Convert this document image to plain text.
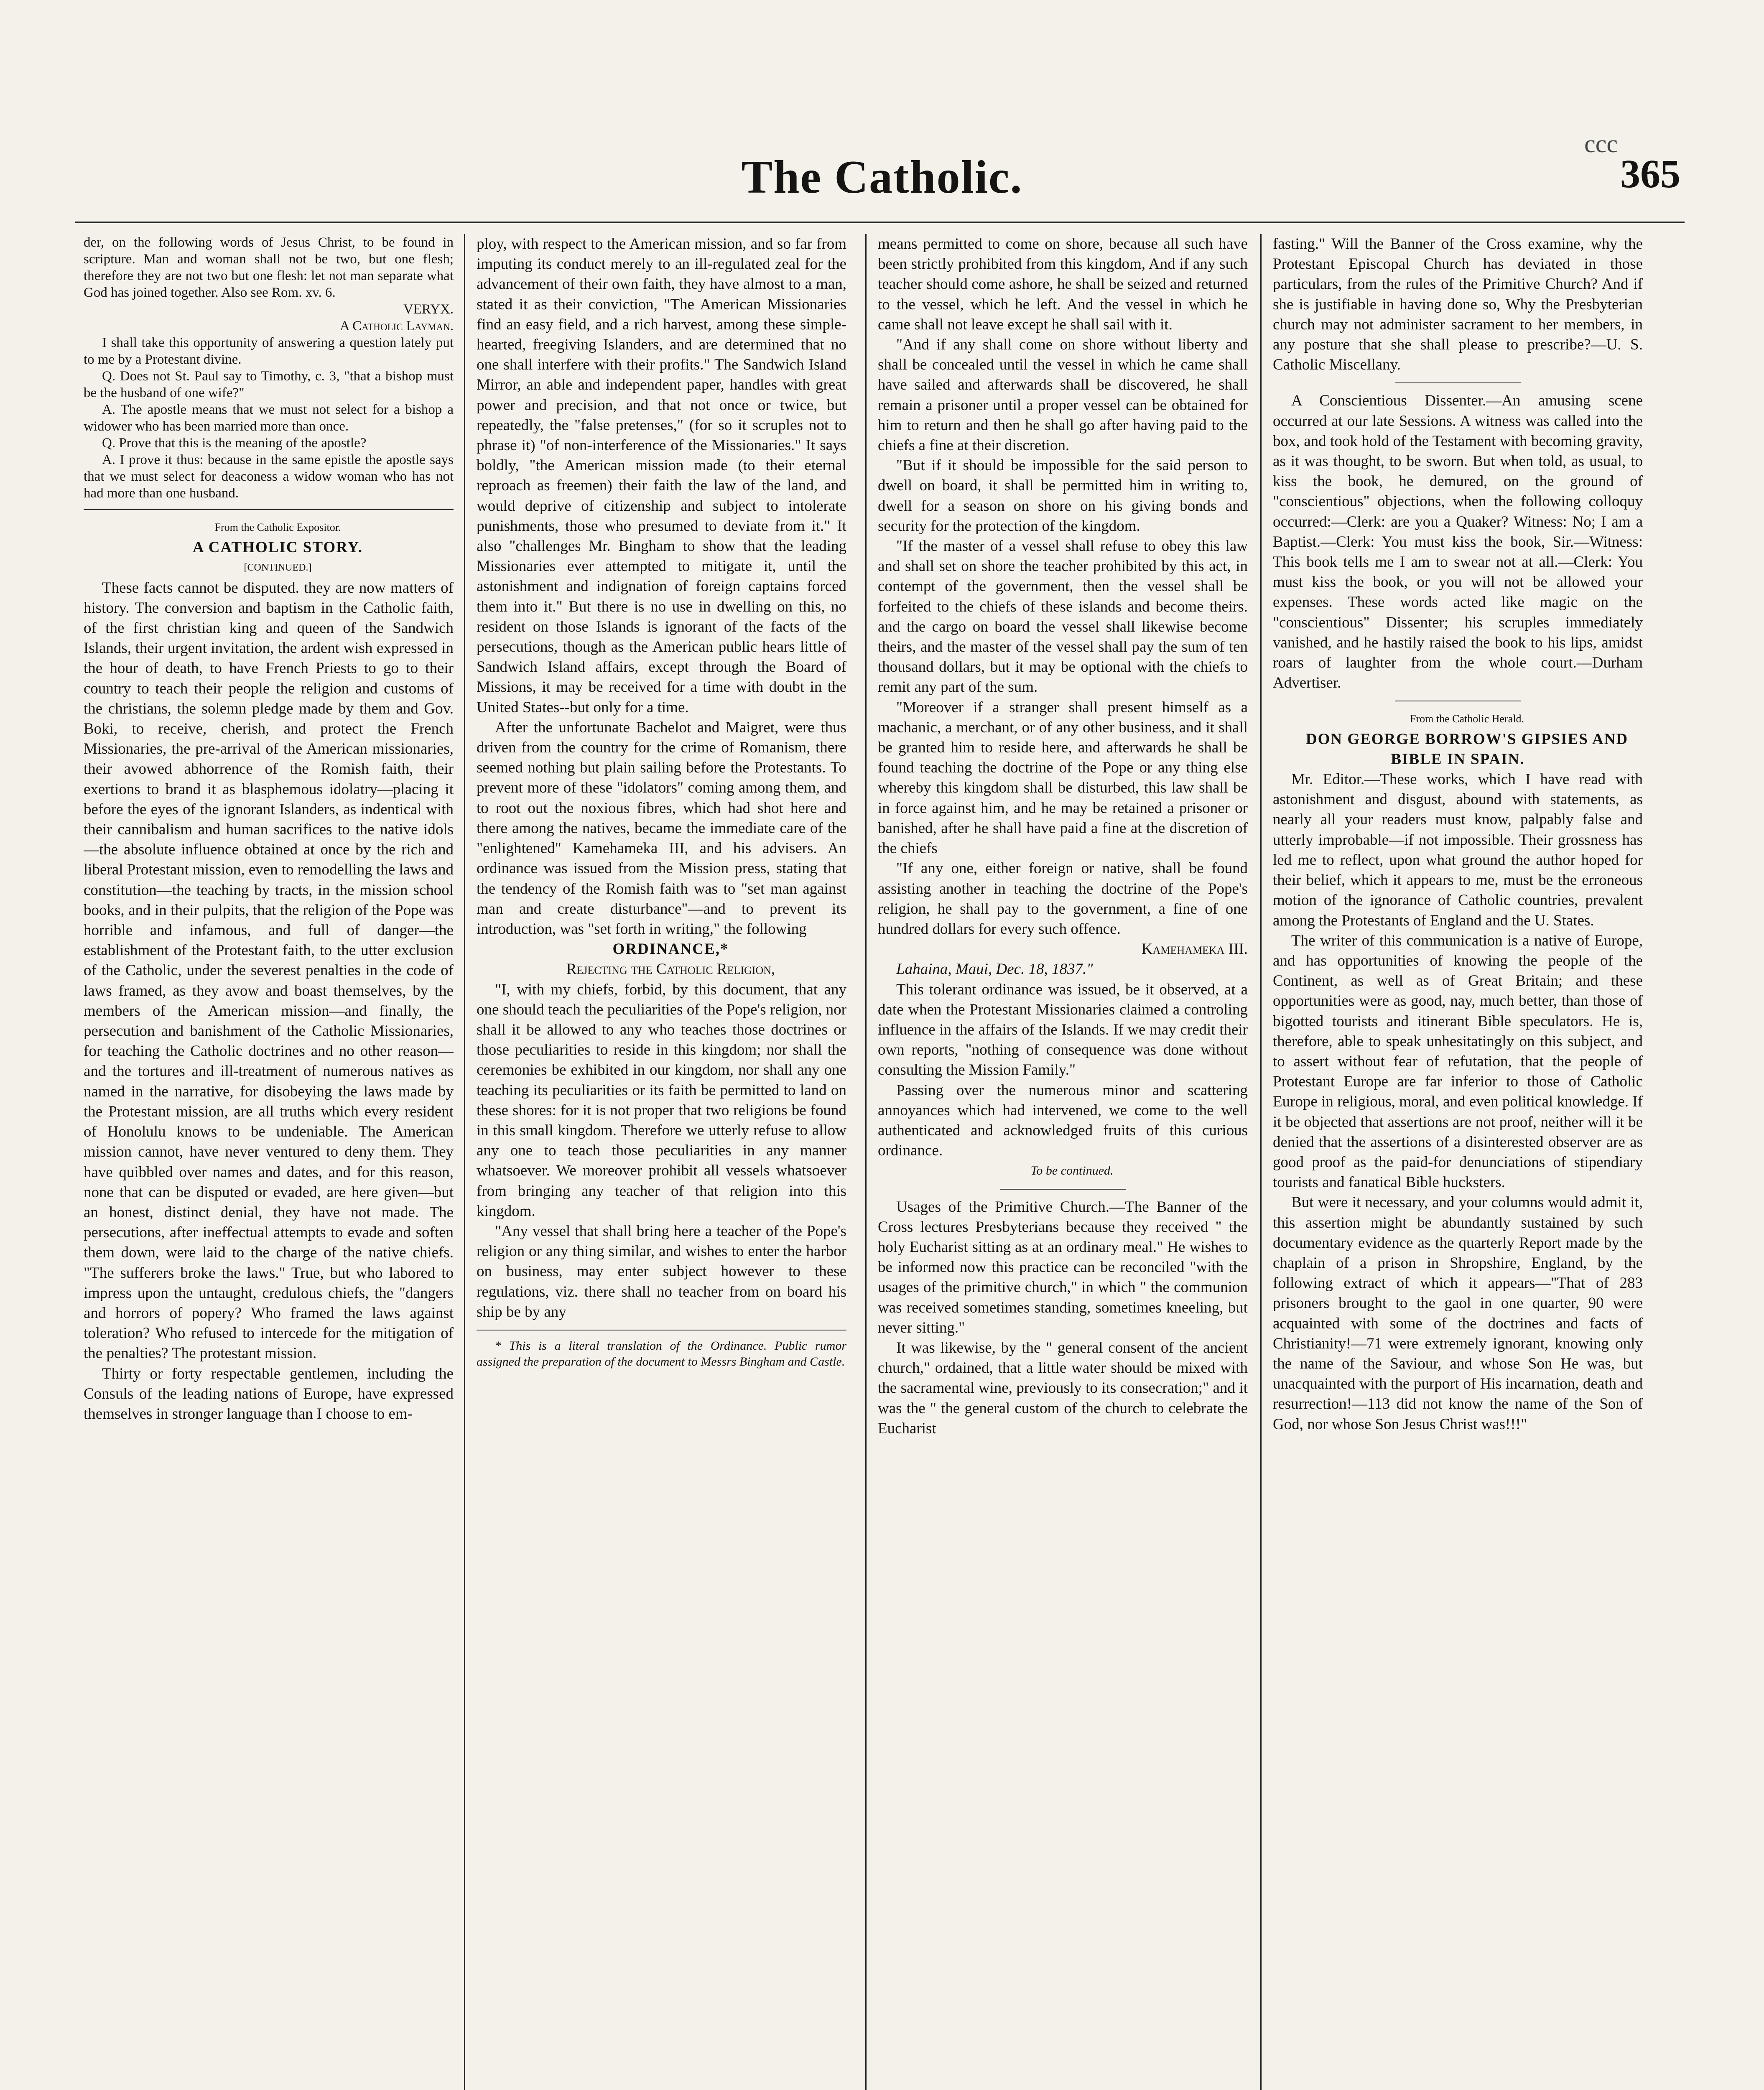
ccc
The Catholic.	365

der, on the following words of Jesus Christ, to be found in scripture. Man and woman shall not be two, but one flesh; therefore they are not two but one flesh: let not man separate what God has joined together. Also see Rom. xv. 6.

VERYX.

A Catholic Layman.

I shall take this opportunity of answering a question lately put to me by a Protestant divine.

Q. Does not St. Paul say to Timothy, c. 3, "that a bishop must be the husband of one wife?"

A. The apostle means that we must not select for a bishop a widower who has been married more than once.

Q. Prove that this is the meaning of the apostle?

A. I prove it thus: because in the same epistle the apostle says that we must select for deaconess a widow woman who has not had more than one husband.

From the Catholic Expositor.

A CATHOLIC STORY.

[CONTINUED.]

These facts cannot be disputed. they are now matters of history. The conversion and baptism in the Catholic faith, of the first christian king and queen of the Sandwich Islands, their urgent invitation, the ardent wish expressed in the hour of death, to have French Priests to go to their country to teach their people the religion and customs of the christians, the solemn pledge made by them and Gov. Boki, to receive, cherish, and protect the French Missionaries, the pre-arrival of the American missionaries, their avowed abhorrence of the Romish faith, their exertions to brand it as blasphemous idolatry—placing it before the eyes of the ignorant Islanders, as indentical with their cannibalism and human sacrifices to the native idols—the absolute influence obtained at once by the rich and liberal Protestant mission, even to remodelling the laws and constitution—the teaching by tracts, in the mission school books, and in their pulpits, that the religion of the Pope was horrible and infamous, and full of danger—the establishment of the Protestant faith, to the utter exclusion of the Catholic, under the severest penalties in the code of laws framed, as they avow and boast themselves, by the members of the American mission—and finally, the persecution and banishment of the Catholic Missionaries, for teaching the Catholic doctrines and no other reason—and the tortures and ill-treatment of numerous natives as named in the narrative, for disobeying the laws made by the Protestant mission, are all truths which every resident of Honolulu knows to be undeniable. The American mission cannot, have never ventured to deny them. They have quibbled over names and dates, and for this reason, none that can be disputed or evaded, are here given—but an honest, distinct denial, they have not made. The persecutions, after ineffectual attempts to evade and soften them down, were laid to the charge of the native chiefs. "The sufferers broke the laws." True, but who labored to impress upon the untaught, credulous chiefs, the "dangers and horrors of popery? Who framed the laws against toleration? Who refused to intercede for the mitigation of the penalties? The protestant mission.

Thirty or forty respectable gentlemen, including the Consuls of the leading nations of Europe, have expressed themselves in stronger language than I choose to em-

ploy, with respect to the American mission, and so far from imputing its conduct merely to an ill-regulated zeal for the advancement of their own faith, they have almost to a man, stated it as their conviction, "The American Missionaries find an easy field, and a rich harvest, among these simple-hearted, freegiving Islanders, and are determined that no one shall interfere with their profits." The Sandwich Island Mirror, an able and independent paper, handles with great power and precision, and that not once or twice, but repeatedly, the "false pretenses," (for so it scruples not to phrase it) "of non-interference of the Missionaries." It says boldly, "the American mission made (to their eternal reproach as freemen) their faith the law of the land, and would deprive of citizenship and subject to intolerate punishments, those who presumed to deviate from it." It also "challenges Mr. Bingham to show that the leading Missionaries ever attempted to mitigate it, until the astonishment and indignation of foreign captains forced them into it." But there is no use in dwelling on this, no resident on those Islands is ignorant of the facts of the persecutions, though as the American public hears little of Sandwich Island affairs, except through the Board of Missions, it may be received for a time with doubt in the United States--but only for a time.

After the unfortunate Bachelot and Maigret, were thus driven from the country for the crime of Romanism, there seemed nothing but plain sailing before the Protestants. To prevent more of these "idolators" coming among them, and to root out the noxious fibres, which had shot here and there among the natives, became the immediate care of the "enlightened" Kamehameka III, and his advisers. An ordinance was issued from the Mission press, stating that the tendency of the Romish faith was to "set man against man and create disturbance"—and to prevent its introduction, was "set forth in writing," the following

ORDINANCE,*

Rejecting the Catholic Religion,

"I, with my chiefs, forbid, by this document, that any one should teach the peculiarities of the Pope's religion, nor shall it be allowed to any who teaches those doctrines or those peculiarities to reside in this kingdom; nor shall the ceremonies be exhibited in our kingdom, nor shall any one teaching its peculiarities or its faith be permitted to land on these shores: for it is not proper that two religions be found in this small kingdom. Therefore we utterly refuse to allow any one to teach those peculiarities in any manner whatsoever. We moreover prohibit all vessels whatsoever from bringing any teacher of that religion into this kingdom.

"Any vessel that shall bring here a teacher of the Pope's religion or any thing similar, and wishes to enter the harbor on business, may enter subject however to these regulations, viz. there shall no teacher from on board his ship be by any

* This is a literal translation of the Ordinance. Public rumor assigned the preparation of the document to Messrs Bingham and Castle.

means permitted to come on shore, because all such have been strictly prohibited from this kingdom, And if any such teacher should come ashore, he shall be seized and returned to the vessel, which he left. And the vessel in which he came shall not leave except he shall sail with it.

"And if any shall come on shore without liberty and shall be concealed until the vessel in which he came shall have sailed and afterwards shall be discovered, he shall remain a prisoner until a proper vessel can be obtained for him to return and then he shall go after having paid to the chiefs a fine at their discretion.

"But if it should be impossible for the said person to dwell on board, it shall be permitted him in writing to, dwell for a season on shore on his giving bonds and security for the protection of the kingdom.

"If the master of a vessel shall refuse to obey this law and shall set on shore the teacher prohibited by this act, in contempt of the government, then the vessel shall be forfeited to the chiefs of these islands and become theirs. and the cargo on board the vessel shall likewise become theirs, and the master of the vessel shall pay the sum of ten thousand dollars, but it may be optional with the chiefs to remit any part of the sum.

"Moreover if a stranger shall present himself as a machanic, a merchant, or of any other business, and it shall be granted him to reside here, and afterwards he shall be found teaching the doctrine of the Pope or any thing else whereby this kingdom shall be disturbed, this law shall be in force against him, and he may be retained a prisoner or banished, after he shall have paid a fine at the discretion of the chiefs

"If any one, either foreign or native, shall be found assisting another in teaching the doctrine of the Pope's religion, he shall pay to the government, a fine of one hundred dollars for every such offence.

Kamehameka III.

Lahaina, Maui, Dec. 18, 1837."

This tolerant ordinance was issued, be it observed, at a date when the Protestant Missionaries claimed a controling influence in the affairs of the Islands. If we may credit their own reports, "nothing of consequence was done without consulting the Mission Family."

Passing over the numerous minor and scattering annoyances which had intervened, we come to the well authenticated and acknowledged fruits of this curious ordinance.

To be continued.

Usages of the Primitive Church.—The Banner of the Cross lectures Presbyterians because they received " the holy Eucharist sitting as at an ordinary meal." He wishes to be informed now this practice can be reconciled "with the usages of the primitive church," in which " the communion was received sometimes standing, sometimes kneeling, but never sitting."

It was likewise, by the " general consent of the ancient church," ordained, that a little water should be mixed with the sacramental wine, previously to its consecration;" and it was the " the general custom of the church to celebrate the Eucharist

fasting." Will the Banner of the Cross examine, why the Protestant Episcopal Church has deviated in those particulars, from the rules of the Primitive Church? And if she is justifiable in having done so, Why the Presbyterian church may not administer sacrament to her members, in any posture that she shall please to prescribe?—U. S. Catholic Miscellany.

A Conscientious Dissenter.—An amusing scene occurred at our late Sessions. A witness was called into the box, and took hold of the Testament with becoming gravity, as it was thought, to be sworn. But when told, as usual, to kiss the book, he demured, on the ground of "conscientious" objections, when the following colloquy occurred:—Clerk: are you a Quaker? Witness: No; I am a Baptist.—Clerk: You must kiss the book, Sir.—Witness: This book tells me I am to swear not at all.—Clerk: You must kiss the book, or you will not be allowed your expenses. These words acted like magic on the "conscientious" Dissenter; his scruples immediately vanished, and he hastily raised the book to his lips, amidst roars of laughter from the whole court.—Durham Advertiser.

From the Catholic Herald.

DON GEORGE BORROW'S GIPSIES AND BIBLE IN SPAIN.

Mr. Editor.—These works, which I have read with astonishment and disgust, abound with statements, as nearly all your readers must know, palpably false and utterly improbable—if not impossible. Their grossness has led me to reflect, upon what ground the author hoped for their belief, which it appears to me, must be the erroneous motion of the ignorance of Catholic countries, prevalent among the Protestants of England and the U. States.

The writer of this communication is a native of Europe, and has opportunities of knowing the people of the Continent, as well as of Great Britain; and these opportunities were as good, nay, much better, than those of bigotted tourists and itinerant Bible speculators. He is, therefore, able to speak unhesitatingly on this subject, and to assert without fear of refutation, that the people of Protestant Europe are far inferior to those of Catholic Europe in religious, moral, and even political knowledge. If it be objected that assertions are not proof, neither will it be denied that the assertions of a disinterested observer are as good proof as the paid-for denunciations of stipendiary tourists and fanatical Bible hucksters.

But were it necessary, and your columns would admit it, this assertion might be abundantly sustained by such documentary evidence as the quarterly Report made by the chaplain of a prison in Shropshire, England, by the following extract of which it appears—"That of 283 prisoners brought to the gaol in one quarter, 90 were acquainted with some of the doctrines and facts of Christianity!—71 were extremely ignorant, knowing only the name of the Saviour, and whose Son He was, but unacquainted with the purport of His incarnation, death and resurrection!—113 did not know the name of the Son of God, nor whose Son Jesus Christ was!!!"
